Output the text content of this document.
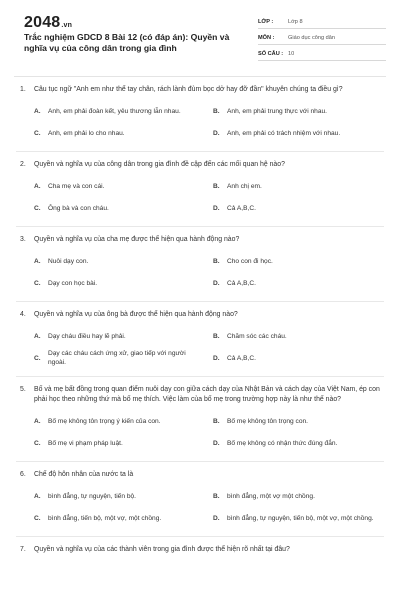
2048.vn
Trắc nghiệm GDCD 8 Bài 12 (có đáp án): Quyền và nghĩa vụ của công dân trong gia đình
LỚP :	Lớp 8
MÔN :	Giáo dục công dân
SỐ CÂU : 10
1.	Câu tục ngữ "Anh em như thể tay chân, rách lành đùm bọc dở hay đỡ đần" khuyên chúng ta điều gì?
A.	Anh, em phải đoàn kết, yêu thương lẫn nhau.	B.	Anh, em phải trung thực với nhau.
C.	Anh, em phải lo cho nhau.	D.	Anh, em phải có trách nhiệm với nhau.
2.	Quyền và nghĩa vụ của công dân trong gia đình đề cập đến các mối quan hệ nào?
A.	Cha mẹ và con cái.	B.	Anh chị em.
C.	Ông bà và con cháu.	D.	Cả A,B,C.
3.	Quyền và nghĩa vụ của cha mẹ được thể hiện qua hành động nào?
A.	Nuôi dạy con.	B.	Cho con đi học.
C.	Dạy con học bài.	D.	Cả A,B,C.
4.	Quyền và nghĩa vụ của ông bà được thể hiện qua hành động nào?
A.	Dạy cháu điều hay lẽ phải.	B.	Chăm sóc các cháu.
C.
Dạy các cháu cách ứng xử, giao tiếp với người ngoài.
D.	Cả A,B,C.
5.	Bố và mẹ bất đồng trong quan điểm nuôi dạy con giữa cách dạy của Nhật Bản và cách dạy của Việt Nam, ép con phải học theo những thứ mà bố mẹ thích. Việc làm của bố mẹ trong trường hợp này là như thế nào?
A.	Bố mẹ không tôn trọng ý kiến của con.	B.	Bố mẹ không tôn trọng con.
C.	Bố mẹ vi phạm pháp luật.	D.	Bố mẹ không có nhận thức đúng đắn.
6.	Chế độ hôn nhân của nước ta là
A.	bình đẳng, tự nguyện, tiến bộ.	B.	bình đẳng, một vợ một chồng.
C.	bình đẳng, tiến bộ, một vợ, một chồng.	D.	bình đẳng, tự nguyện, tiến bộ, một vợ, một chồng.
7.	Quyền và nghĩa vụ của các thành viên trong gia đình được thể hiện rõ nhất tại đâu?
